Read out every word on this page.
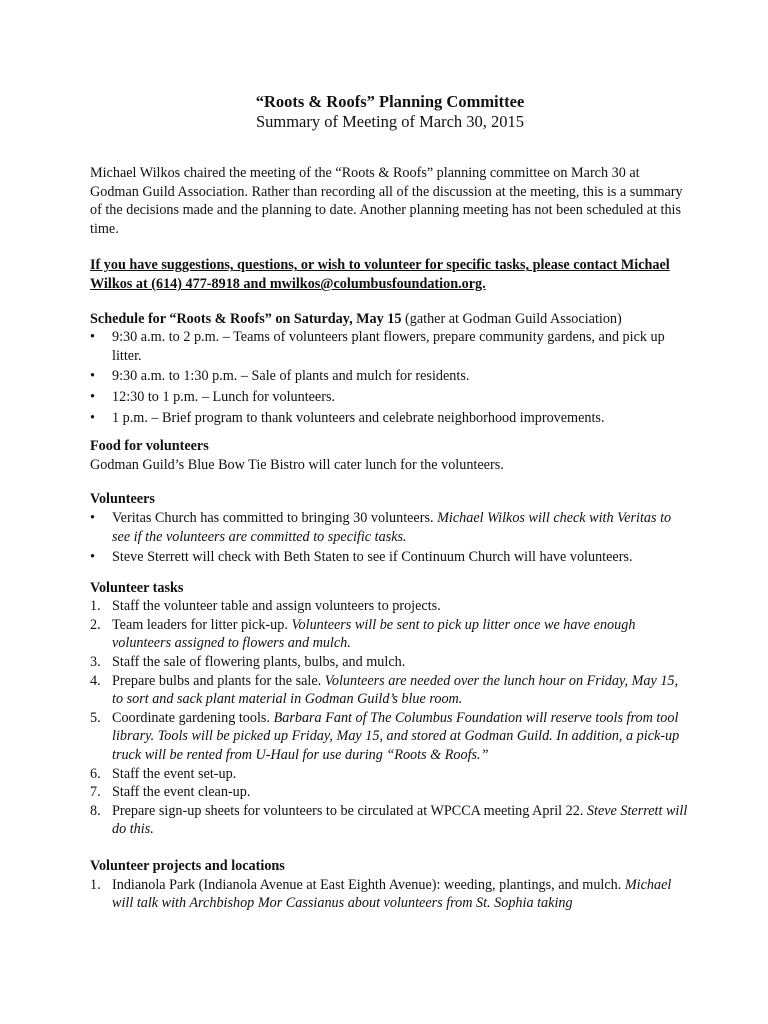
“Roots & Roofs” Planning Committee
Summary of Meeting of March 30, 2015

Michael Wilkos chaired the meeting of the “Roots & Roofs” planning committee on March 30 at Godman Guild Association. Rather than recording all of the discussion at the meeting, this is a summary of the decisions made and the planning to date. Another planning meeting has not been scheduled at this time.

If you have suggestions, questions, or wish to volunteer for specific tasks, please contact Michael Wilkos at (614) 477-8918 and mwilkos@columbusfoundation.org.

Schedule for “Roots & Roofs” on Saturday, May 15 (gather at Godman Guild Association)
• 9:30 a.m. to 2 p.m. – Teams of volunteers plant flowers, prepare community gardens, and pick up litter.
• 9:30 a.m. to 1:30 p.m. – Sale of plants and mulch for residents.
• 12:30 to 1 p.m. – Lunch for volunteers.
• 1 p.m. – Brief program to thank volunteers and celebrate neighborhood improvements.
Food for volunteers
Godman Guild’s Blue Bow Tie Bistro will cater lunch for the volunteers.
Volunteers
• Veritas Church has committed to bringing 30 volunteers. Michael Wilkos will check with Veritas to see if the volunteers are committed to specific tasks.
• Steve Sterrett will check with Beth Staten to see if Continuum Church will have volunteers.
Volunteer tasks
1. Staff the volunteer table and assign volunteers to projects.
2. Team leaders for litter pick-up. Volunteers will be sent to pick up litter once we have enough volunteers assigned to flowers and mulch.
3. Staff the sale of flowering plants, bulbs, and mulch.
4. Prepare bulbs and plants for the sale. Volunteers are needed over the lunch hour on Friday, May 15, to sort and sack plant material in Godman Guild’s blue room.
5. Coordinate gardening tools. Barbara Fant of The Columbus Foundation will reserve tools from tool library. Tools will be picked up Friday, May 15, and stored at Godman Guild. In addition, a pick-up truck will be rented from U-Haul for use during “Roots & Roofs.”
6. Staff the event set-up.
7. Staff the event clean-up.
8. Prepare sign-up sheets for volunteers to be circulated at WPCCA meeting April 22. Steve Sterrett will do this.
Volunteer projects and locations
1. Indianola Park (Indianola Avenue at East Eighth Avenue): weeding, plantings, and mulch. Michael will talk with Archbishop Mor Cassianus about volunteers from St. Sophia taking
